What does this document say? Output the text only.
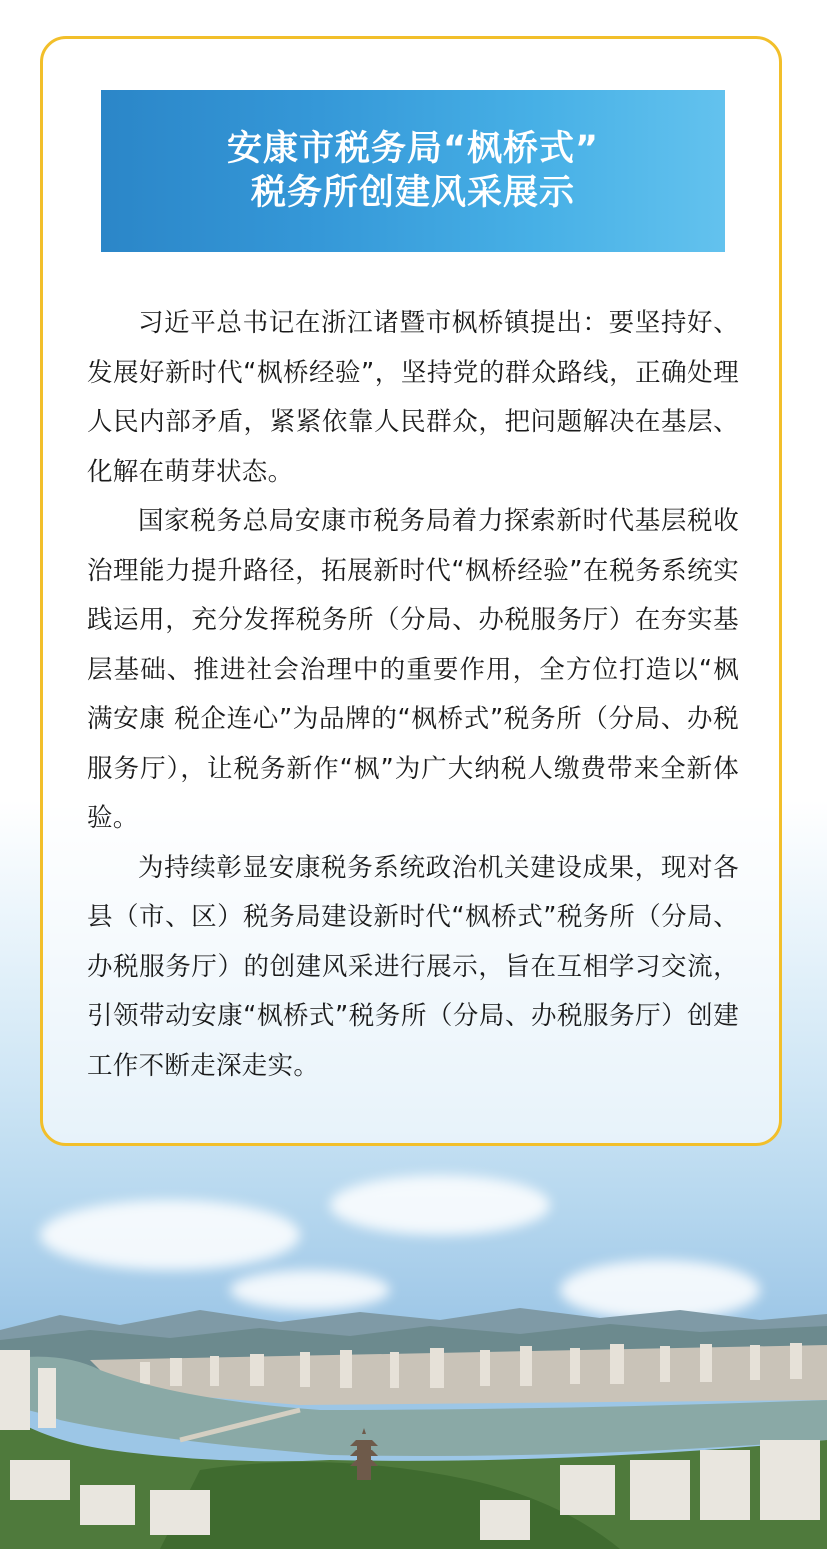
安康市税务局“枫桥式”
税务所创建风采展示

习近平总书记在浙江诸暨市枫桥镇提出：要坚持好、发展好新时代“枫桥经验”，坚持党的群众路线，正确处理人民内部矛盾，紧紧依靠人民群众，把问题解决在基层、化解在萌芽状态。

国家税务总局安康市税务局着力探索新时代基层税收治理能力提升路径，拓展新时代“枫桥经验”在税务系统实践运用，充分发挥税务所（分局、办税服务厅）在夯实基层基础、推进社会治理中的重要作用，全方位打造以“枫满安康 税企连心”为品牌的“枫桥式”税务所（分局、办税服务厅），让税务新作“枫”为广大纳税人缴费带来全新体验。

为持续彰显安康税务系统政治机关建设成果，现对各县（市、区）税务局建设新时代“枫桥式”税务所（分局、办税服务厅）的创建风采进行展示，旨在互相学习交流，引领带动安康“枫桥式”税务所（分局、办税服务厅）创建工作不断走深走实。
